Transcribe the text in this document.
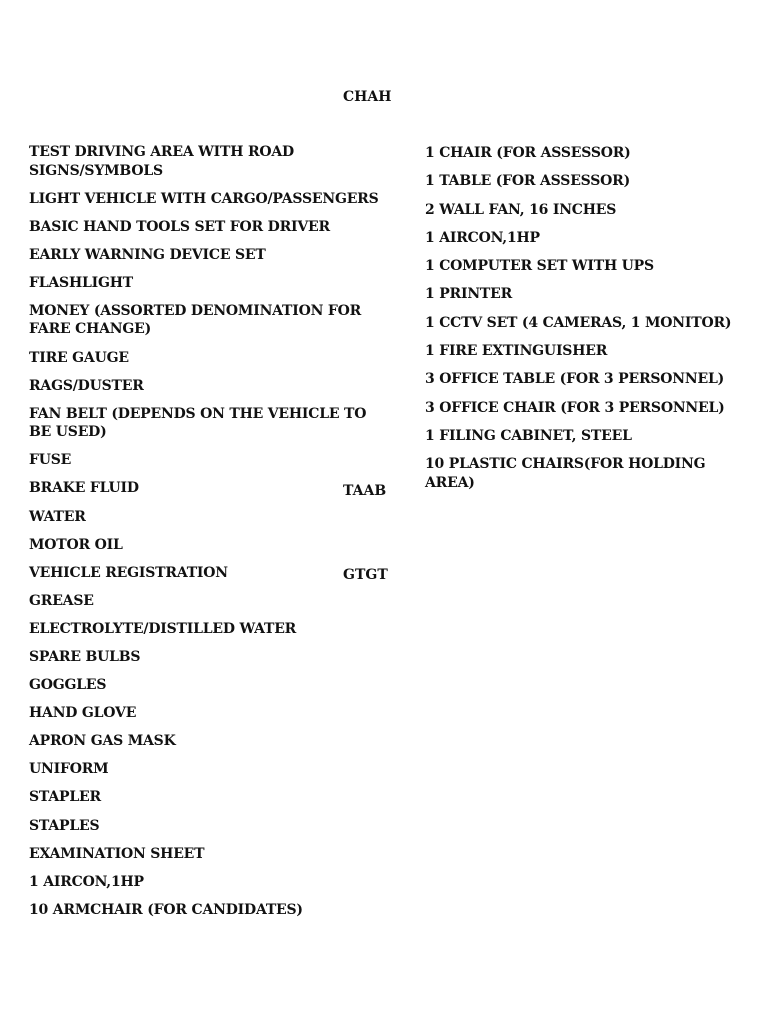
CHAH
TEST DRIVING AREA WITH ROAD SIGNS/SYMBOLS
LIGHT VEHICLE WITH CARGO/PASSENGERS
BASIC HAND TOOLS SET FOR DRIVER
EARLY WARNING DEVICE SET
FLASHLIGHT
MONEY (ASSORTED DENOMINATION FOR FARE CHANGE)
TIRE GAUGE
RAGS/DUSTER
FAN BELT (DEPENDS ON THE VEHICLE TO BE USED)
FUSE
BRAKE FLUID
WATER
MOTOR OIL
VEHICLE REGISTRATION
GREASE
ELECTROLYTE/DISTILLED WATER
SPARE BULBS
GOGGLES
HAND GLOVE
APRON GAS MASK
UNIFORM
STAPLER
STAPLES
EXAMINATION SHEET
1 AIRCON,1HP
10 ARMCHAIR (FOR CANDIDATES)
TAAB
GTGT
1 CHAIR (FOR ASSESSOR)
1 TABLE (FOR ASSESSOR)
2 WALL FAN, 16 INCHES
1 AIRCON,1HP
1 COMPUTER SET WITH UPS
1 PRINTER
1 CCTV SET (4 CAMERAS, 1 MONITOR)
1 FIRE EXTINGUISHER
3 OFFICE TABLE (FOR 3 PERSONNEL)
3 OFFICE CHAIR (FOR 3 PERSONNEL)
1 FILING CABINET, STEEL
10 PLASTIC CHAIRS(FOR HOLDING AREA)
